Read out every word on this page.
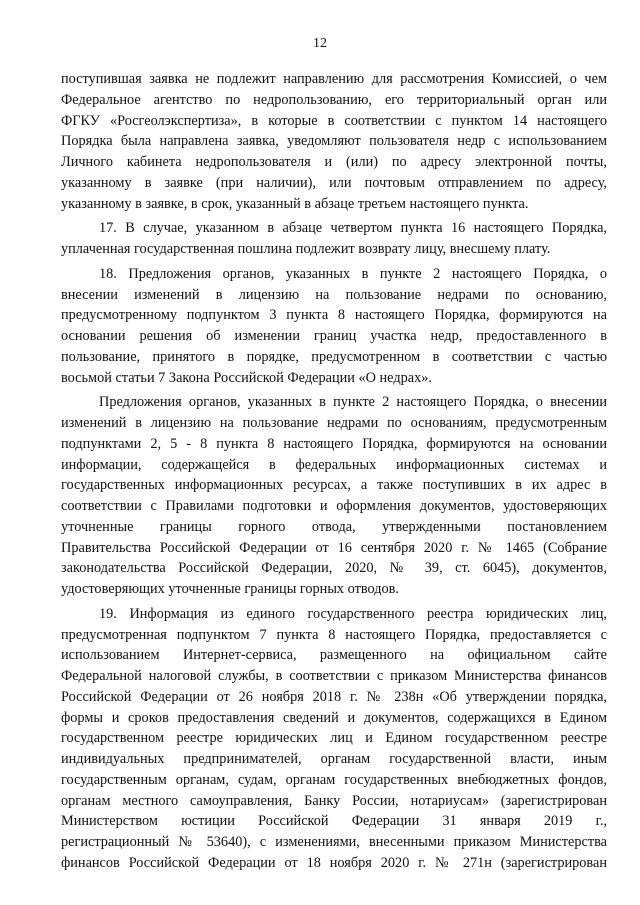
12
поступившая заявка не подлежит направлению для рассмотрения Комиссией, о чем
Федеральное агентство по недропользованию, его территориальный орган или
ФГКУ «Росгеолэкспертиза», в которые в соответствии с пунктом 14 настоящего
Порядка была направлена заявка, уведомляют пользователя недр с использованием
Личного кабинета недропользователя и (или) по адресу электронной почты,
указанному в заявке (при наличии), или почтовым отправлением по адресу,
указанному в заявке, в срок, указанный в абзаце третьем настоящего пункта.
17. В случае, указанном в абзаце четвертом пункта 16 настоящего Порядка,
уплаченная государственная пошлина подлежит возврату лицу, внесшему плату.
18. Предложения органов, указанных в пункте 2 настоящего Порядка, о
внесении изменений в лицензию на пользование недрами по основанию,
предусмотренному подпунктом 3 пункта 8 настоящего Порядка, формируются на
основании решения об изменении границ участка недр, предоставленного в
пользование, принятого в порядке, предусмотренном в соответствии с частью
восьмой статьи 7 Закона Российской Федерации «О недрах».
Предложения органов, указанных в пункте 2 настоящего Порядка, о внесении
изменений в лицензию на пользование недрами по основаниям, предусмотренным
подпунктами 2, 5 - 8 пункта 8 настоящего Порядка, формируются на основании
информации, содержащейся в федеральных информационных системах и
государственных информационных ресурсах, а также поступивших в их адрес в
соответствии с Правилами подготовки и оформления документов, удостоверяющих
уточненные границы горного отвода, утвержденными постановлением
Правительства Российской Федерации от 16 сентября 2020 г. № 1465 (Собрание
законодательства Российской Федерации, 2020, № 39, ст. 6045), документов,
удостоверяющих уточненные границы горных отводов.
19. Информация из единого государственного реестра юридических лиц,
предусмотренная подпунктом 7 пункта 8 настоящего Порядка, предоставляется с
использованием Интернет-сервиса, размещенного на официальном сайте
Федеральной налоговой службы, в соответствии с приказом Министерства финансов
Российской Федерации от 26 ноября 2018 г. № 238н «Об утверждении порядка,
формы и сроков предоставления сведений и документов, содержащихся в Едином
государственном реестре юридических лиц и Едином государственном реестре
индивидуальных предпринимателей, органам государственной власти, иным
государственным органам, судам, органам государственных внебюджетных фондов,
органам местного самоуправления, Банку России, нотариусам» (зарегистрирован
Министерством юстиции Российской Федерации 31 января 2019 г.,
регистрационный № 53640), с изменениями, внесенными приказом Министерства
финансов Российской Федерации от 18 ноября 2020 г. № 271н (зарегистрирован
